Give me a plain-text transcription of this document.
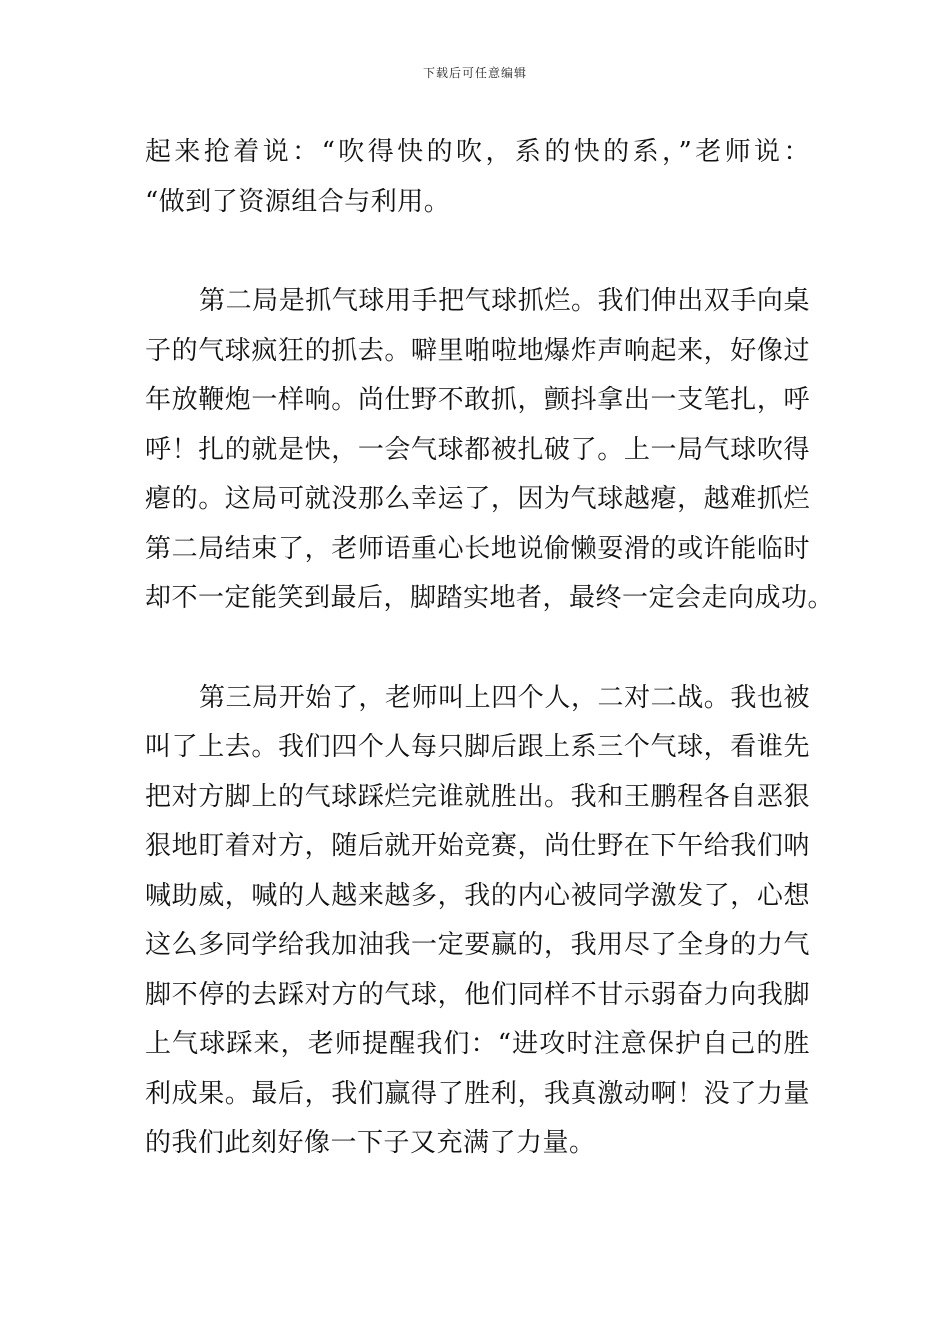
下载后可任意编辑
起来抢着说：“吹得快的吹，系的快的系，”老师说：
“做到了资源组合与利用。
第二局是抓气球用手把气球抓烂。我们伸出双手向桌
子的气球疯狂的抓去。噼里啪啦地爆炸声响起来，好像过
年放鞭炮一样响。尚仕野不敢抓，颤抖拿出一支笔扎，呼
呼！扎的就是快，一会气球都被扎破了。上一局气球吹得
瘪的。这局可就没那么幸运了，因为气球越瘪，越难抓烂
第二局结束了，老师语重心长地说偷懒耍滑的或许能临时
却不一定能笑到最后，脚踏实地者，最终一定会走向成功。
第三局开始了，老师叫上四个人，二对二战。我也被
叫了上去。我们四个人每只脚后跟上系三个气球，看谁先
把对方脚上的气球踩烂完谁就胜出。我和王鹏程各自恶狠
狠地盯着对方，随后就开始竞赛，尚仕野在下午给我们呐
喊助威，喊的人越来越多，我的内心被同学激发了，心想
这么多同学给我加油我一定要赢的，我用尽了全身的力气
脚不停的去踩对方的气球，他们同样不甘示弱奋力向我脚
上气球踩来，老师提醒我们：“进攻时注意保护自己的胜
利成果。最后，我们赢得了胜利，我真激动啊！没了力量
的我们此刻好像一下子又充满了力量。
